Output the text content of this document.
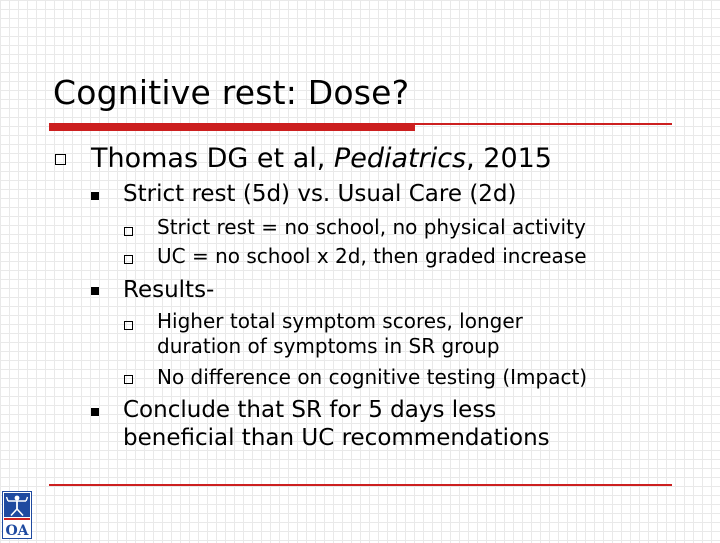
Cognitive rest: Dose?
Thomas DG et al, Pediatrics, 2015
Strict rest (5d) vs. Usual Care (2d)
Strict rest = no school, no physical activity
UC = no school x 2d, then graded increase
Results-
Higher total symptom scores, longer
duration of symptoms in SR group
No difference on cognitive testing (Impact)
Conclude that SR for 5 days less
beneficial than UC recommendations
OA
